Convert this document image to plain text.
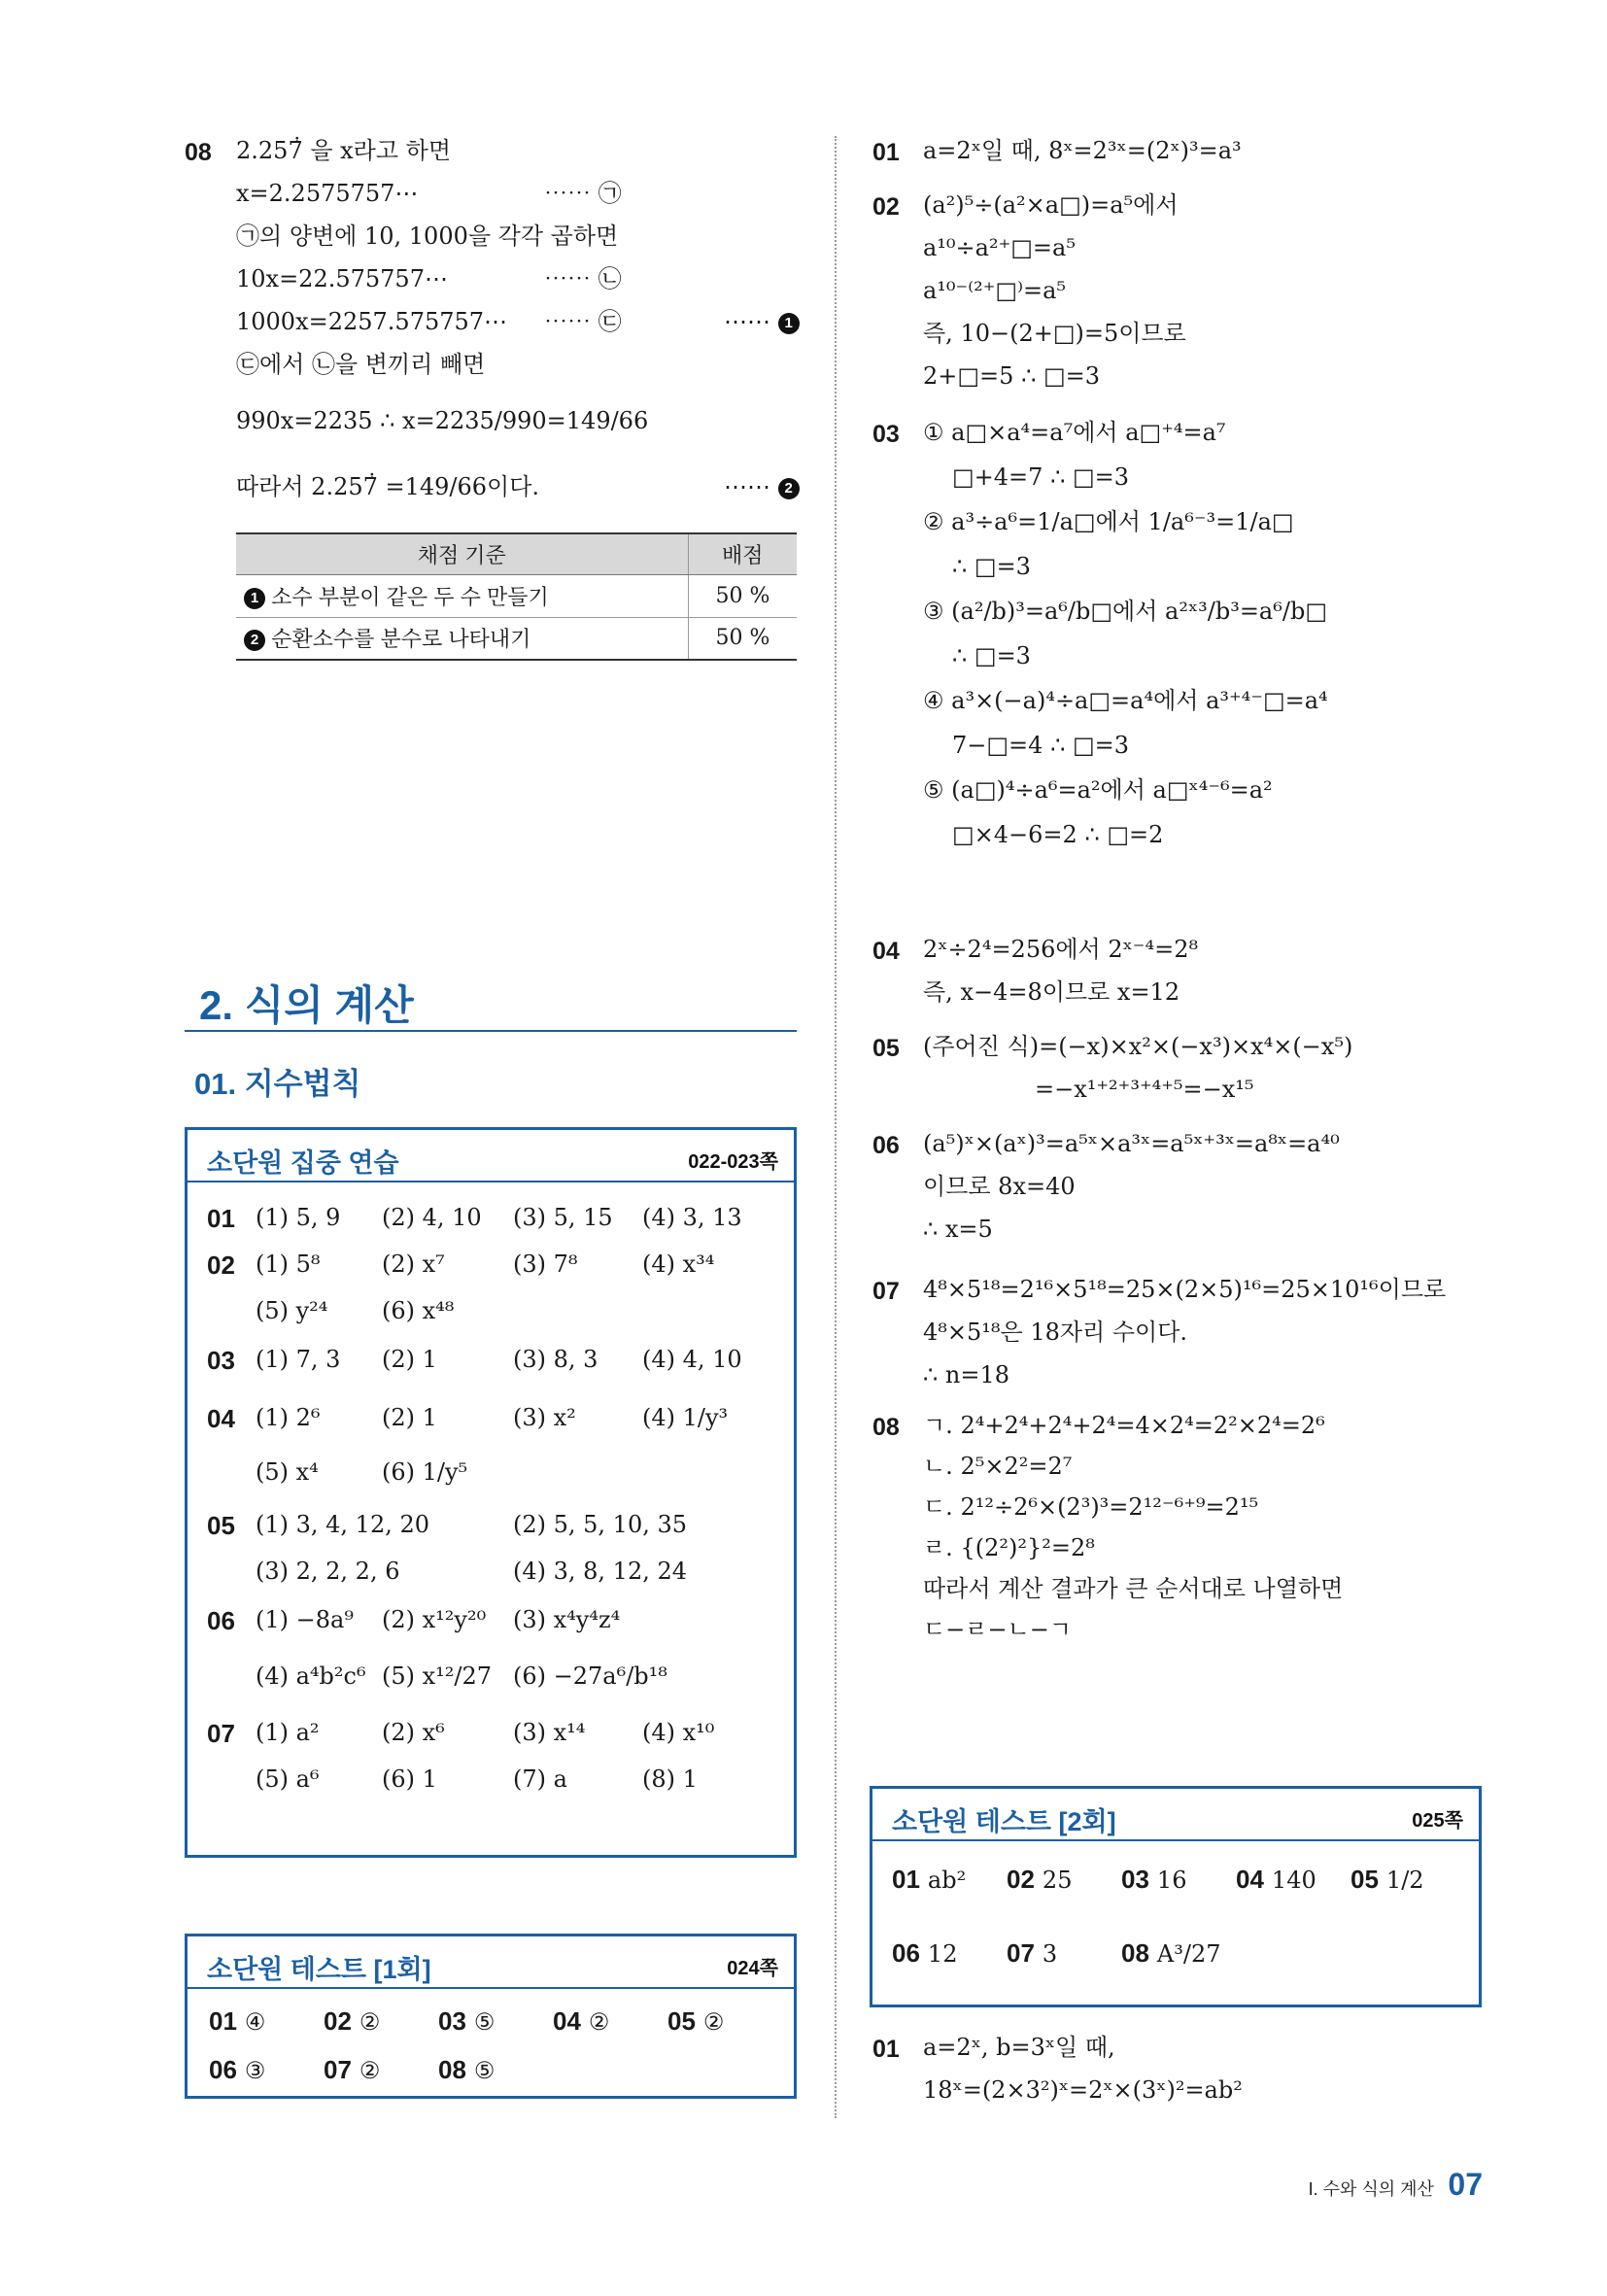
08 2.257̇̇ 을 x라고 하면
x=2.2575757⋯	⋯⋯ ㉠
㉠의 양변에 10, 1000을 각각 곱하면
10x=22.575757⋯	⋯⋯ ㉡
1000x=2257.575757⋯ ⋯⋯ ㉢	⋯⋯ 1
㉢에서 ㉡을 변끼리 빼면
990x=2235 ∴ x=2235/990=149/66
따라서 2.257̇̇ =149/66이다.	⋯⋯ 2
채점 기준	배점
1 소수 부분이 같은 두 수 만들기	50 %
2 순환소수를 분수로 나타내기	50 %
2. 식의 계산
01. 지수법칙
소단원 집중 연습	022-023쪽
01 (1) 5, 9 (2) 4, 10 (3) 5, 15 (4) 3, 13
02 (1) 5⁸	(2) x⁷	(3) 7⁸	(4) x³⁴
(5) y²⁴ (6) x⁴⁸
03 (1) 7, 3 (2) 1	(3) 8, 3 (4) 4, 10
04 (1) 2⁶	(2) 1	(3) x²	(4) 1/y³
(5) x⁴	(6) 1/y⁵
05 (1) 3, 4, 12, 20	(2) 5, 5, 10, 35
(3) 2, 2, 2, 6	(4) 3, 8, 12, 24
06 (1) −8a⁹ (2) x¹²y²⁰ (3) x⁴y⁴z⁴
(4) a⁴b²c⁶ (5) x¹²/27 (6) −27a⁶/b¹⁸
07 (1) a²	(2) x⁶	(3) x¹⁴ (4) x¹⁰
(5) a⁶	(6) 1	(7) a	(8) 1
소단원 테스트 [1회]	024쪽
01 ④ 02 ② 03 ⑤ 04 ② 05 ②
06 ③ 07 ② 08 ⑤
01 a=2ˣ일 때, 8ˣ=2³ˣ=(2ˣ)³=a³
02 (a²)⁵÷(a²×a□)=a⁵에서
a¹⁰÷a²⁺□=a⁵
a¹⁰⁻⁽²⁺□⁾=a⁵
즉, 10−(2+□)=5이므로
2+□=5 ∴ □=3
03 ① a□×a⁴=a⁷에서 a□⁺⁴=a⁷
□+4=7 ∴ □=3
② a³÷a⁶=1/a□에서 1/a⁶⁻³=1/a□
∴ □=3
③ (a²/b)³=a⁶/b□에서 a²ˣ³/b³=a⁶/b□
∴ □=3
④ a³×(−a)⁴÷a□=a⁴에서 a³⁺⁴⁻□=a⁴
7−□=4 ∴ □=3
⑤ (a□)⁴÷a⁶=a²에서 a□ˣ⁴⁻⁶=a²
□×4−6=2 ∴ □=2
04 2ˣ÷2⁴=256에서 2ˣ⁻⁴=2⁸
즉, x−4=8이므로 x=12
05 (주어진 식)=(−x)×x²×(−x³)×x⁴×(−x⁵)
=−x¹⁺²⁺³⁺⁴⁺⁵=−x¹⁵
06 (a⁵)ˣ×(aˣ)³=a⁵ˣ×a³ˣ=a⁵ˣ⁺³ˣ=a⁸ˣ=a⁴⁰
이므로 8x=40
∴ x=5
07 4⁸×5¹⁸=2¹⁶×5¹⁸=25×(2×5)¹⁶=25×10¹⁶이므로
4⁸×5¹⁸은 18자리 수이다.
∴ n=18
08 ㄱ. 2⁴+2⁴+2⁴+2⁴=4×2⁴=2²×2⁴=2⁶
ㄴ. 2⁵×2²=2⁷
ㄷ. 2¹²÷2⁶×(2³)³=2¹²⁻⁶⁺⁹=2¹⁵
ㄹ. {(2²)²}²=2⁸
따라서 계산 결과가 큰 순서대로 나열하면
ㄷ−ㄹ−ㄴ−ㄱ
소단원 테스트 [2회]	025쪽
01 ab² 02 25 03 16 04 140 05 1/2
06 12 07 3	08 A³/27
01 a=2ˣ, b=3ˣ일 때,
18ˣ=(2×3²)ˣ=2ˣ×(3ˣ)²=ab²
I. 수와 식의 계산 07
